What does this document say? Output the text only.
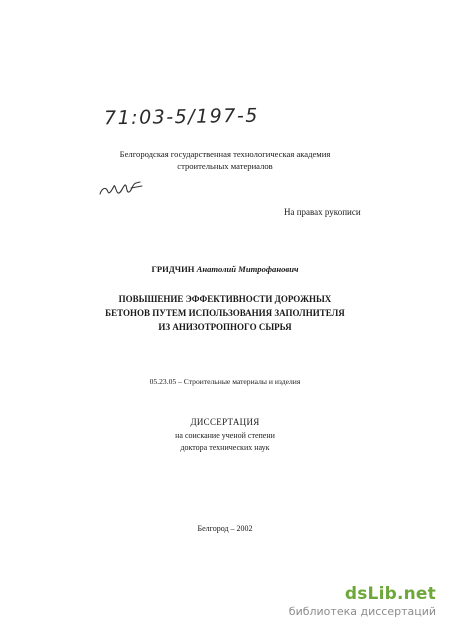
71:03-5/197-5
Белгородская государственная технологическая академия
строительных материалов
На правах рукописи
ГРИДЧИН Анатолий Митрофанович
ПОВЫШЕНИЕ ЭФФЕКТИВНОСТИ ДОРОЖНЫХ
БЕТОНОВ ПУТЕМ ИСПОЛЬЗОВАНИЯ ЗАПОЛНИТЕЛЯ
ИЗ АНИЗОТРОПНОГО СЫРЬЯ
05.23.05 – Строительные материалы и изделия
ДИССЕРТАЦИЯ
на соискание ученой степени
доктора технических наук
Белгород – 2002
dsLib.net
библиотека диссертаций
